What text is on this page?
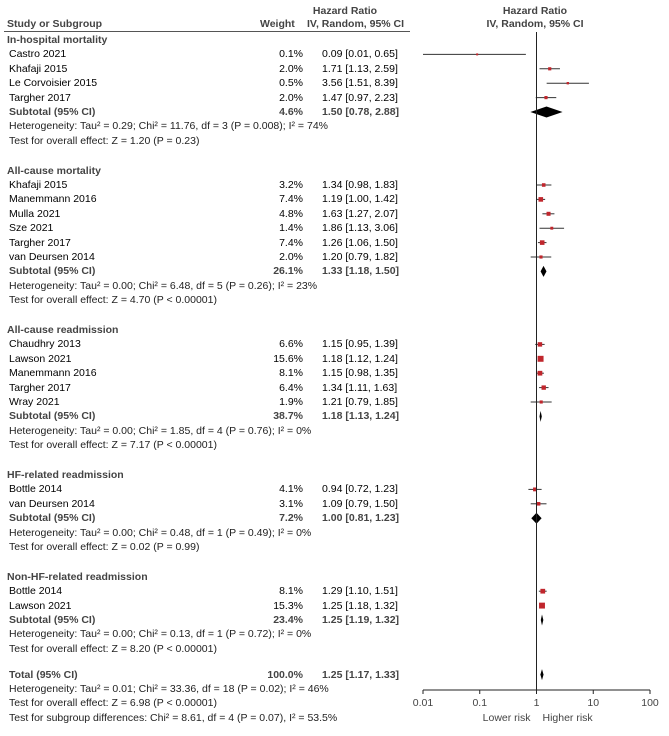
Hazard Ratio	Hazard Ratio
Study or Subgroup	Weight IV, Random, 95% CI	IV, Random, 95% CI
In-hospital mortality
Castro 2021	0.1% 0.09 [0.01, 0.65]
Khafaji 2015	2.0% 1.71 [1.13, 2.59]
Le Corvoisier 2015	0.5% 3.56 [1.51, 8.39]
Targher 2017	2.0% 1.47 [0.97, 2.23]
Subtotal (95% CI)	4.6% 1.50 [0.78, 2.88]
Heterogeneity: Tau² = 0.29; Chi² = 11.76, df = 3 (P = 0.008); I² = 74%
Test for overall effect: Z = 1.20 (P = 0.23)
All-cause mortality
Khafaji 2015	3.2% 1.34 [0.98, 1.83]
Manemmann 2016	7.4% 1.19 [1.00, 1.42]
Mulla 2021	4.8% 1.63 [1.27, 2.07]
Sze 2021	1.4% 1.86 [1.13, 3.06]
Targher 2017	7.4% 1.26 [1.06, 1.50]
van Deursen 2014	2.0% 1.20 [0.79, 1.82]
Subtotal (95% CI)	26.1% 1.33 [1.18, 1.50]
Heterogeneity: Tau² = 0.00; Chi² = 6.48, df = 5 (P = 0.26); I² = 23%
Test for overall effect: Z = 4.70 (P < 0.00001)
All-cause readmission
Chaudhry 2013	6.6% 1.15 [0.95, 1.39]
Lawson 2021	15.6% 1.18 [1.12, 1.24]
Manemmann 2016	8.1% 1.15 [0.98, 1.35]
Targher 2017	6.4% 1.34 [1.11, 1.63]
Wray 2021	1.9% 1.21 [0.79, 1.85]
Subtotal (95% CI)	38.7% 1.18 [1.13, 1.24]
Heterogeneity: Tau² = 0.00; Chi² = 1.85, df = 4 (P = 0.76); I² = 0%
Test for overall effect: Z = 7.17 (P < 0.00001)
HF-related readmission
Bottle 2014	4.1% 0.94 [0.72, 1.23]
van Deursen 2014	3.1% 1.09 [0.79, 1.50]
Subtotal (95% CI)	7.2% 1.00 [0.81, 1.23]
Heterogeneity: Tau² = 0.00; Chi² = 0.48, df = 1 (P = 0.49); I² = 0%
Test for overall effect: Z = 0.02 (P = 0.99)
Non-HF-related readmission
Bottle 2014	8.1% 1.29 [1.10, 1.51]
Lawson 2021	15.3% 1.25 [1.18, 1.32]
Subtotal (95% CI)	23.4% 1.25 [1.19, 1.32]
Heterogeneity: Tau² = 0.00; Chi² = 0.13, df = 1 (P = 0.72); I² = 0%
Test for overall effect: Z = 8.20 (P < 0.00001)
Total (95% CI)	100.0% 1.25 [1.17, 1.33]
Heterogeneity: Tau² = 0.01; Chi² = 33.36, df = 18 (P = 0.02); I² = 46%
Test for overall effect: Z = 6.98 (P < 0.00001)
Test for subgroup differences: Chi² = 8.61, df = 4 (P = 0.07), I² = 53.5%
0.01	0.1	1	10	100
Lower risk Higher risk
